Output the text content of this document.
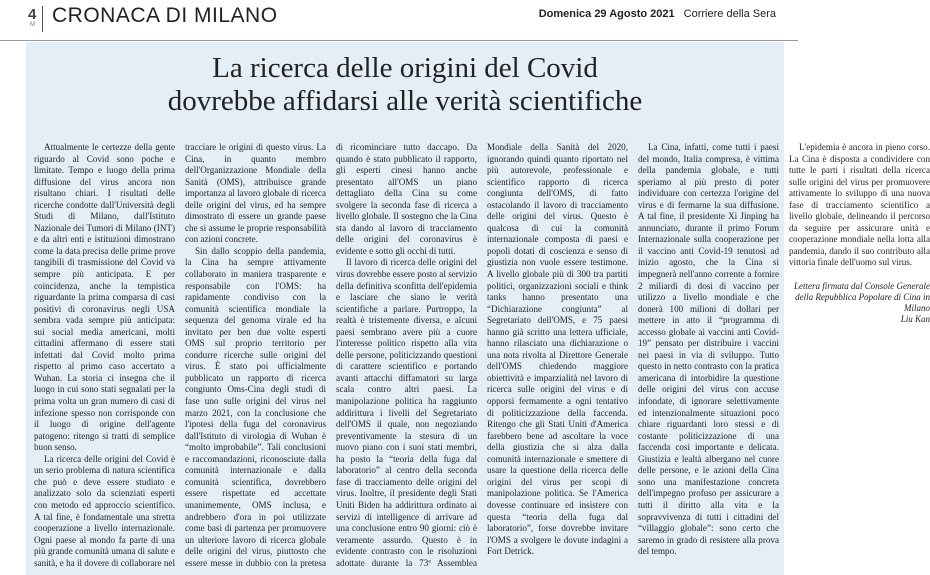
4
M CRONACA DI MILANO	Domenica 29 Agosto 2021 Corriere della Sera
La ricerca delle origini del Covid
dovrebbe affidarsi alle verità scientifiche

Attualmente le certezze della gente riguardo al Covid sono poche e limitate. Tempo e luogo della prima diffusione del virus ancora non risultano chiari. I risultati delle ricerche condotte dall'Università degli Studi di Milano, dall'Istituto Nazionale dei Tumori di Milano (INT) e da altri enti e istituzioni dimostrano come la data precisa delle prime prove tangibili di trasmissione del Covid va sempre più anticipata. E per coincidenza, anche la tempistica riguardante la prima comparsa di casi positivi di coronavirus negli USA sembra vada sempre più anticipata: sui social media americani, molti cittadini affermano di essere stati infettati dal Covid molto prima rispetto al primo caso accertato a Wuhan. La storia ci insegna che il luogo in cui sono stati segnalati per la prima volta un gran numero di casi di infezione spesso non corrisponde con il luogo di origine dell'agente patogeno: ritengo si tratti di semplice buon senso.

La ricerca delle origini del Covid è un serio problema di natura scientifica che può e deve essere studiato e analizzato solo da scienziati esperti con metodo ed approccio scientifico. A tal fine, è fondamentale una stretta cooperazione a livello internazionale. Ogni paese al mondo fa parte di una più grande comunità umana di salute e sanità, e ha il dovere di collaborare nel tracciare le origini di questo virus. La Cina, in quanto membro dell'Organizzazione Mondiale della Sanità (OMS), attribuisce grande importanza al lavoro globale di ricerca delle origini del virus, ed ha sempre dimostrato di essere un grande paese che si assume le proprie responsabilità con azioni concrete.

Sin dallo scoppio della pandemia, la Cina ha sempre attivamente collaborato in maniera trasparente e responsabile con l'OMS: ha rapidamente condiviso con la comunità scientifica mondiale la sequenza del genoma virale ed ha invitato per ben due volte esperti OMS sul proprio territorio per condurre ricerche sulle origini del virus. È stato poi ufficialmente pubblicato un rapporto di ricerca congiunto Oms-Cina degli studi di fase uno sulle origini del virus nel marzo 2021, con la conclusione che l'ipotesi della fuga del coronavirus dall'Istituto di virologia di Wuhan è “molto improbabile”. Tali conclusioni e raccomandazioni, riconosciute dalla comunità internazionale e dalla comunità scientifica, dovrebbero essere rispettate ed accettate unanimemente, OMS inclusa, e andrebbero d'ora in poi utilizzate come basi di partenza per promuovere un ulteriore lavoro di ricerca globale delle origini del virus, piuttosto che essere messe in dubbio con la pretesa di ricominciare tutto daccapo. Da quando è stato pubblicato il rapporto, gli esperti cinesi hanno anche presentato all'OMS un piano dettagliato della Cina su come svolgere la seconda fase di ricerca a livello globale. Il sostegno che la Cina sta dando al lavoro di tracciamento delle origini del coronavirus è evidente e sotto gli occhi di tutti.

Il lavoro di ricerca delle origini del virus dovrebbe essere posto al servizio della definitiva sconfitta dell'epidemia e lasciare che siano le verità scientifiche a parlare. Purtroppo, la realtà è tristemente diversa, e alcuni paesi sembrano avere più a cuore l'interesse politico rispetto alla vita delle persone, politicizzando questioni di carattere scientifico e portando avanti attacchi diffamatori su larga scala contro altri paesi. La manipolazione politica ha raggiunto addirittura i livelli del Segretariato dell'OMS il quale, non negoziando preventivamente la stesura di un nuovo piano con i suoi stati membri, ha posto la “teoria della fuga dal laboratorio” al centro della seconda fase di tracciamento delle origini del virus. Inoltre, il presidente degli Stati Uniti Biden ha addirittura ordinato ai servizi di intelligence di arrivare ad una conclusione entro 90 giorni: ciò è veramente assurdo. Questo è in evidente contrasto con le risoluzioni adottate durante la 73ª Assemblea Mondiale della Sanità del 2020, ignorando quindi quanto riportato nel più autorevole, professionale e scientifico rapporto di ricerca congiunta dell'OMS, di fatto ostacolando il lavoro di tracciamento delle origini del virus. Questo è qualcosa di cui la comunità internazionale composta di paesi e popoli dotati di coscienza e senso di giustizia non vuole essere testimone. A livello globale più di 300 tra partiti politici, organizzazioni sociali e think tanks hanno presentato una “Dichiarazione congiunta” al Segretariato dell'OMS, e 75 paesi hanno già scritto una lettera ufficiale, hanno rilasciato una dichiarazione o una nota rivolta al Direttore Generale dell'OMS chiedendo maggiore obiettività e imparzialità nel lavoro di ricerca sulle origini del virus e di opporsi fermamente a ogni tentativo di politicizzazione della faccenda. Ritengo che gli Stati Uniti d'America farebbero bene ad ascoltare la voce della giustizia che si alza dalla comunità internazionale e smettere di usare la questione della ricerca delle origini del virus per scopi di manipolazione politica. Se l'America dovesse continuare ed insistere con questa “teoria della fuga dal laboratorio”, forse dovrebbe invitare l'OMS a svolgere le dovute indagini a Fort Detrick.

La Cina, infatti, come tutti i paesi del mondo, Italia compresa, è vittima della pandemia globale, e tutti speriamo al più presto di poter individuare con certezza l'origine del virus e di fermarne la sua diffusione. A tal fine, il presidente Xi Jinping ha annunciato, durante il primo Forum Internazionale sulla cooperazione per il vaccino anti Covid-19 tenutosi ad inizio agosto, che la Cina si impegnerà nell'anno corrente a fornire 2 miliardi di dosi di vaccino per utilizzo a livello mondiale e che donerà 100 milioni di dollari per mettere in atto il “programma di accesso globale ai vaccini anti Covid-19” pensato per distribuire i vaccini nei paesi in via di sviluppo. Tutto questo in netto contrasto con la pratica americana di intorbidire la questione delle origini del virus con accuse infondate, di ignorare selettivamente ed intenzionalmente situazioni poco chiare riguardanti loro stessi e di costante politicizzazione di una faccenda così importante e delicata. Giustizia e lealtà albergano nel cuore delle persone, e le azioni della Cina sono una manifestazione concreta dell'impegno profuso per assicurare a tutti il diritto alla vita e la sopravvivenza di tutti i cittadini del “villaggio globale”: sono certo che saremo in grado di resistere alla prova del tempo.

L'epidemia è ancora in pieno corso. La Cina è disposta a condividere con tutte le parti i risultati della ricerca sulle origini del virus per promuovere attivamente lo sviluppo di una nuova fase di tracciamento scientifico a livello globale, delineando il percorso da seguire per assicurare unità e cooperazione mondiale nella lotta alla pandemia, dando il suo contributo alla vittoria finale dell'uomo sul virus.

Lettera firmata dal Console Generale
della Repubblica Popolare di Cina in Milano
Liu Kan
